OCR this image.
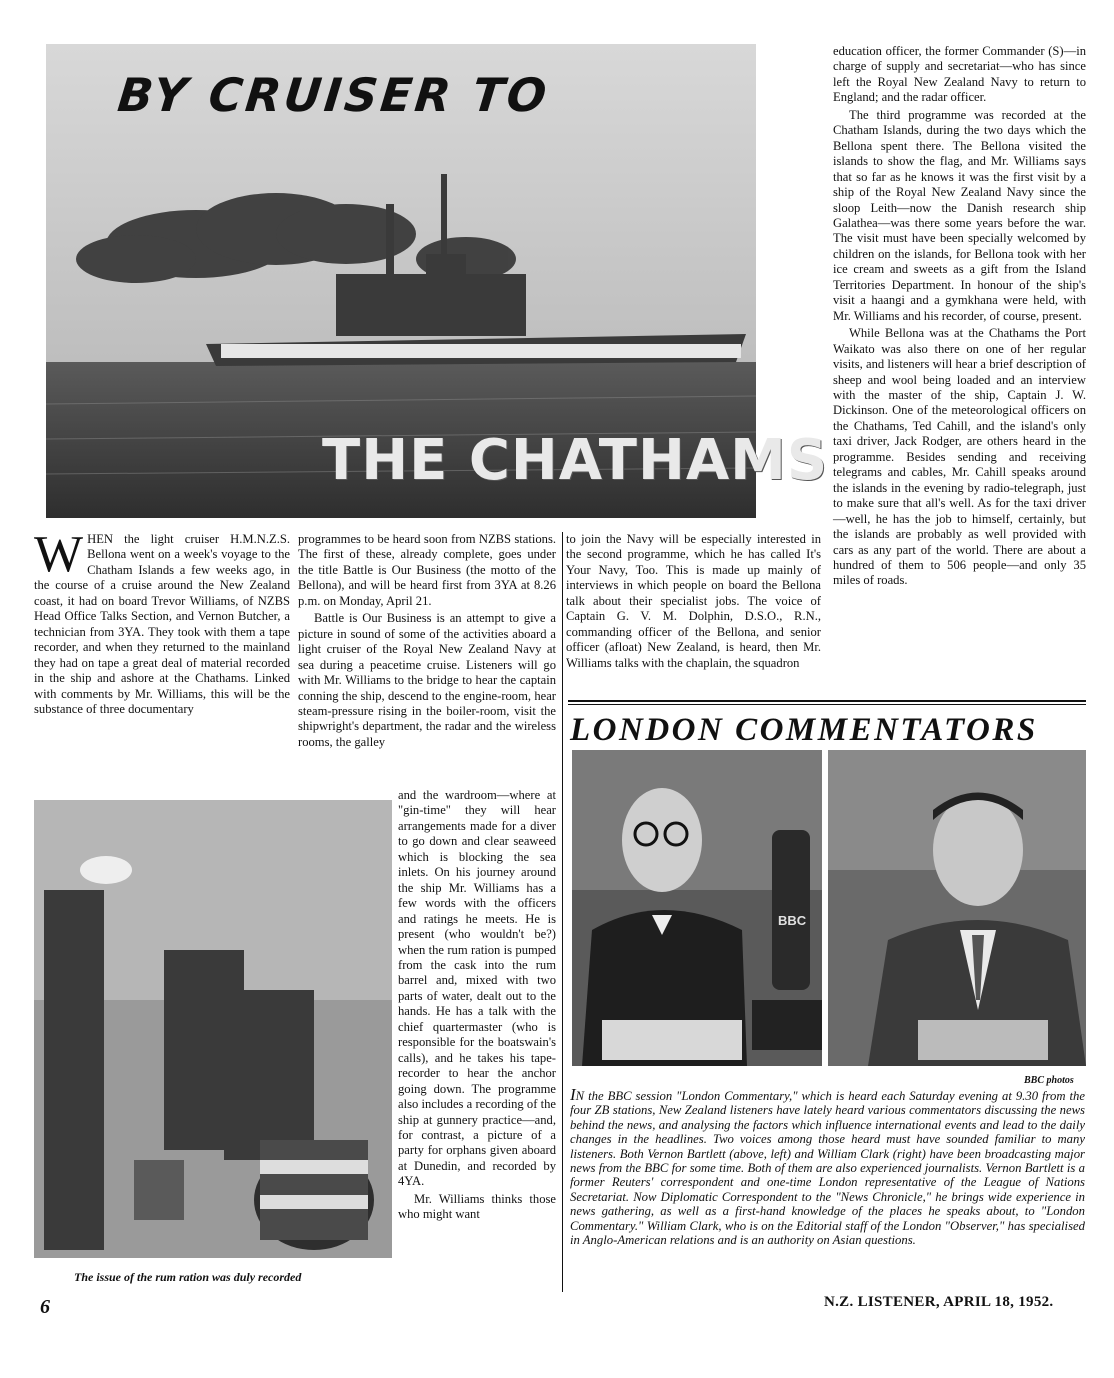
BY CRUISER TO
THE CHATHAMS

WHEN the light cruiser H.M.N.Z.S. Bellona went on a week's voyage to the Chatham Islands a few weeks ago, in the course of a cruise around the New Zealand coast, it had on board Trevor Williams, of NZBS Head Office Talks Section, and Vernon Butcher, a technician from 3YA. They took with them a tape recorder, and when they returned to the mainland they had on tape a great deal of material recorded in the ship and ashore at the Chathams. Linked with comments by Mr. Williams, this will be the substance of three documentary

programmes to be heard soon from NZBS stations. The first of these, already complete, goes under the title Battle is Our Business (the motto of the Bellona), and will be heard first from 3YA at 8.26 p.m. on Monday, April 21.

Battle is Our Business is an attempt to give a picture in sound of some of the activities aboard a light cruiser of the Royal New Zealand Navy at sea during a peacetime cruise. Listeners will go with Mr. Williams to the bridge to hear the captain conning the ship, descend to the engine-room, hear steam-pressure rising in the boiler-room, visit the shipwright's department, the radar and the wireless rooms, the galley

and the wardroom—where at "gin-time" they will hear arrangements made for a diver to go down and clear seaweed which is blocking the sea inlets. On his journey around the ship Mr. Williams has a few words with the officers and ratings he meets. He is present (who wouldn't be?) when the rum ration is pumped from the cask into the rum barrel and, mixed with two parts of water, dealt out to the hands. He has a talk with the chief quartermaster (who is responsible for the boatswain's calls), and he takes his tape-recorder to hear the anchor going down. The programme also includes a recording of the ship at gunnery practice—and, for contrast, a picture of a party for orphans given aboard at Dunedin, and recorded by 4YA.

Mr. Williams thinks those who might want

to join the Navy will be especially interested in the second programme, which he has called It's Your Navy, Too. This is made up mainly of interviews in which people on board the Bellona talk about their specialist jobs. The voice of Captain G. V. M. Dolphin, D.S.O., R.N., commanding officer of the Bellona, and senior officer (afloat) New Zealand, is heard, then Mr. Williams talks with the chaplain, the squadron

education officer, the former Commander (S)—in charge of supply and secretariat—who has since left the Royal New Zealand Navy to return to England; and the radar officer.

The third programme was recorded at the Chatham Islands, during the two days which the Bellona spent there. The Bellona visited the islands to show the flag, and Mr. Williams says that so far as he knows it was the first visit by a ship of the Royal New Zealand Navy since the sloop Leith—now the Danish research ship Galathea—was there some years before the war. The visit must have been specially welcomed by children on the islands, for Bellona took with her ice cream and sweets as a gift from the Island Territories Department. In honour of the ship's visit a haangi and a gymkhana were held, with Mr. Williams and his recorder, of course, present.

While Bellona was at the Chathams the Port Waikato was also there on one of her regular visits, and listeners will hear a brief description of sheep and wool being loaded and an interview with the master of the ship, Captain J. W. Dickinson. One of the meteorological officers on the Chathams, Ted Cahill, and the island's only taxi driver, Jack Rodger, are others heard in the programme. Besides sending and receiving telegrams and cables, Mr. Cahill speaks around the islands in the evening by radio-telegraph, just to make sure that all's well. As for the taxi driver—well, he has the job to himself, certainly, but the islands are probably as well provided with cars as any part of the world. There are about a hundred of them to 506 people—and only 35 miles of roads.

The issue of the rum ration was duly recorded
LONDON COMMENTATORS
BBC
BBC photos
IN the BBC session "London Commentary," which is heard each Saturday evening at 9.30 from the four ZB stations, New Zealand listeners have lately heard various commentators discussing the news behind the news, and analysing the factors which influence international events and lead to the daily changes in the headlines. Two voices among those heard must have sounded familiar to many listeners. Both Vernon Bartlett (above, left) and William Clark (right) have been broadcasting major news from the BBC for some time. Both of them are also experienced journalists. Vernon Bartlett is a former Reuters' correspondent and one-time London representative of the League of Nations Secretariat. Now Diplomatic Correspondent to the "News Chronicle," he brings wide experience in news gathering, as well as a first-hand knowledge of the places he speaks about, to "London Commentary." William Clark, who is on the Editorial staff of the London "Observer," has specialised in Anglo-American relations and is an authority on Asian questions.
6	N.Z. LISTENER, APRIL 18, 1952.
